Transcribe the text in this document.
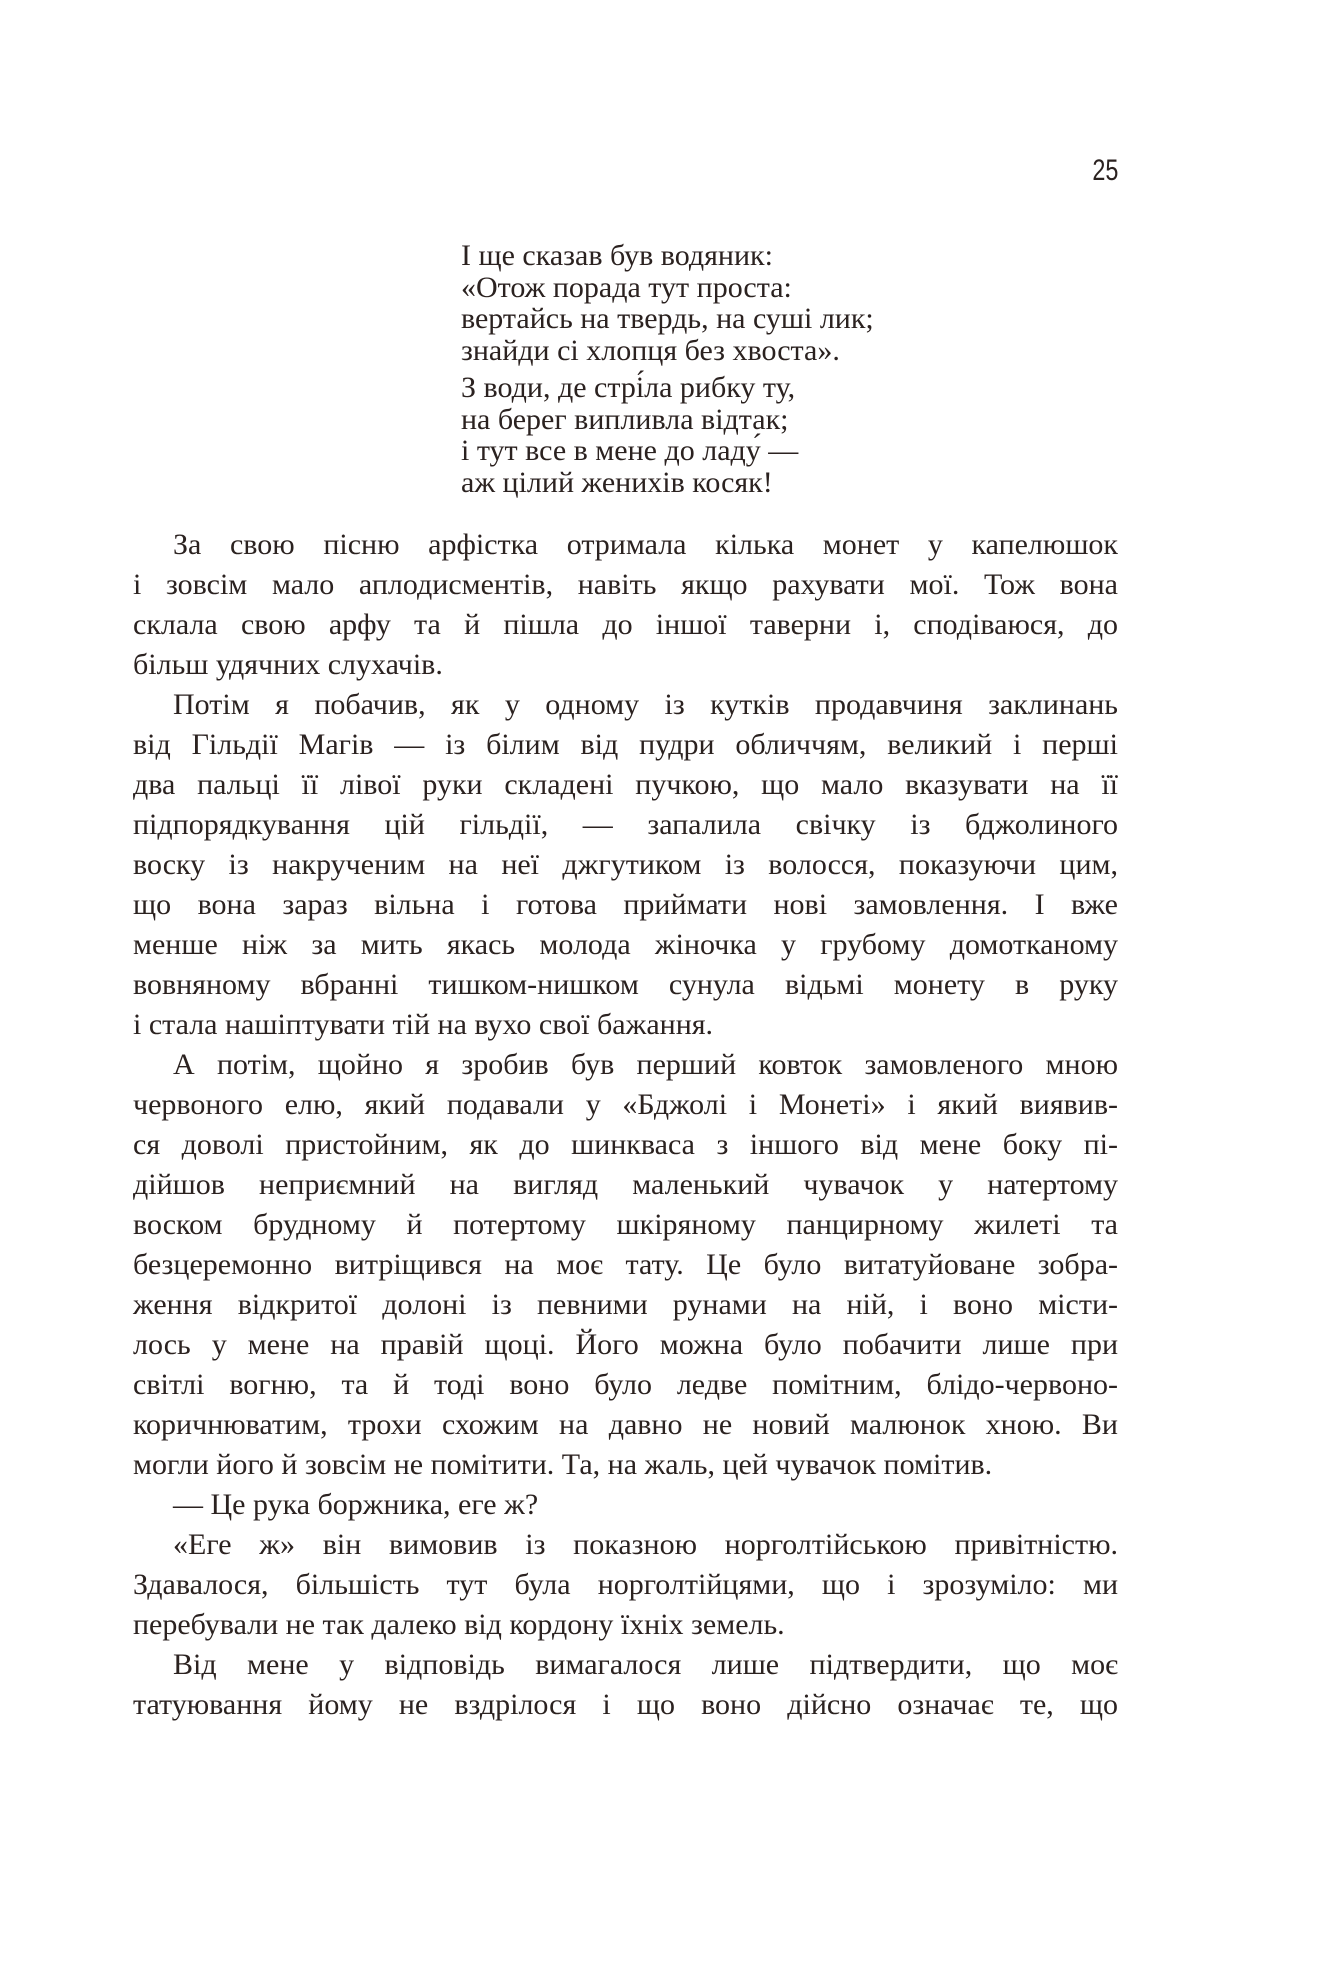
25
І ще сказав був водяник:
«Отож порада тут проста:
вертайсь на твердь, на суші лик;
знайди сі хлопця без хвоста».
З води, де стрі́ла рибку ту,
на берег випливла відтак;
і тут все в мене до ладу́ —
аж цілий женихів косяк!
За свою пісню арфістка отримала кілька монет у капелюшок
і зовсім мало аплодисментів, навіть якщо рахувати мої. Тож вона
склала свою арфу та й пішла до іншої таверни і, сподіваюся, до
більш удячних слухачів.
Потім я побачив, як у одному із кутків продавчиня заклинань
від Гільдії Магів — із білим від пудри обличчям, великий і перші
два пальці її лівої руки складені пучкою, що мало вказувати на її
підпорядкування цій гільдії, — запалила свічку із бджолиного
воску із накрученим на неї джгутиком із волосся, показуючи цим,
що вона зараз вільна і готова приймати нові замовлення. І вже
менше ніж за мить якась молода жіночка у грубому домотканому
вовняному вбранні тишком-нишком сунула відьмі монету в руку
і стала нашіптувати тій на вухо свої бажання.
А потім, щойно я зробив був перший ковток замовленого мною
червоного елю, який подавали у «Бджолі і Монеті» і який виявив-
ся доволі пристойним, як до шинкваса з іншого від мене боку пі-
дійшов неприємний на вигляд маленький чувачок у натертому
воском брудному й потертому шкіряному панцирному жилеті та
безцеремонно витріщився на моє тату. Це було витатуйоване зобра-
ження відкритої долоні із певними рунами на ній, і воно місти-
лось у мене на правій щоці. Його можна було побачити лише при
світлі вогню, та й тоді воно було ледве помітним, блідо-червоно-
коричнюватим, трохи схожим на давно не новий малюнок хною. Ви
могли його й зовсім не помітити. Та, на жаль, цей чувачок помітив.
— Це рука боржника, еге ж?
«Еге ж» він вимовив із показною норголтійською привітністю.
Здавалося, більшість тут була норголтійцями, що і зрозуміло: ми
перебували не так далеко від кордону їхніх земель.
Від мене у відповідь вимагалося лише підтвердити, що моє
татуювання йому не вздрілося і що воно дійсно означає те, що
